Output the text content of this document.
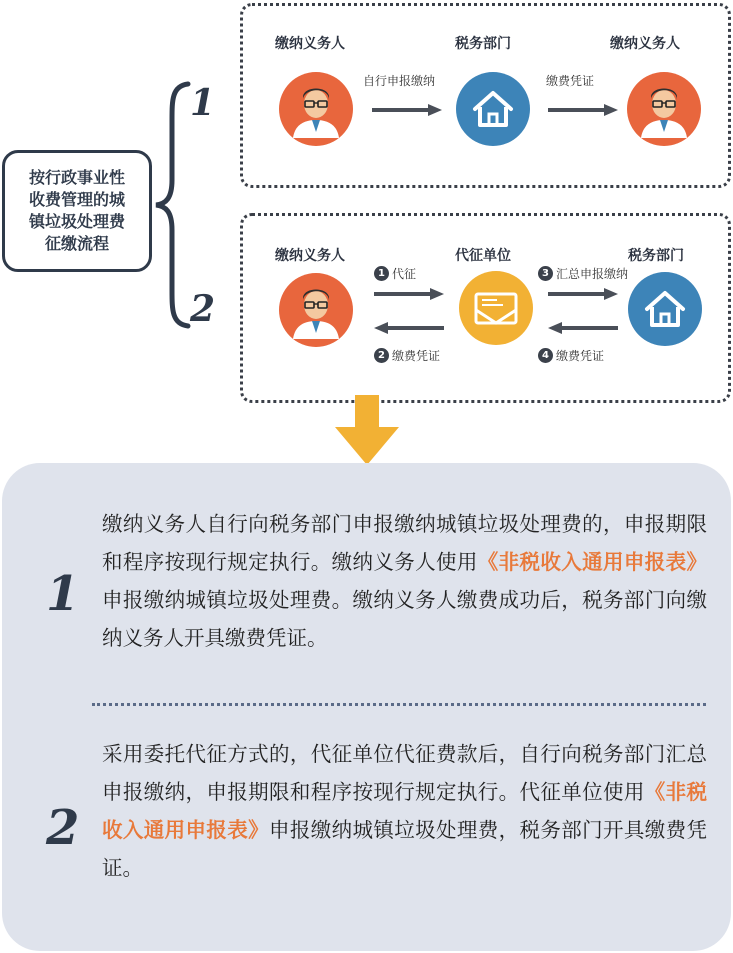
按行政事业性
收费管理的城
镇垃圾处理费
征缴流程
1
2
缴纳义务人	税务部门	缴纳义务人
自行申报缴纳	缴费凭证
缴纳义务人	代征单位	税务部门
1 代征
2 缴费凭证
3 汇总申报缴纳
4 缴费凭证
1
缴纳义务人自行向税务部门申报缴纳城镇垃圾处理费的，申报期限和程序按现行规定执行。缴纳义务人使用《非税收入通用申报表》申报缴纳城镇垃圾处理费。缴纳义务人缴费成功后，税务部门向缴纳义务人开具缴费凭证。
2
采用委托代征方式的，代征单位代征费款后，自行向税务部门汇总申报缴纳，申报期限和程序按现行规定执行。代征单位使用《非税收入通用申报表》申报缴纳城镇垃圾处理费，税务部门开具缴费凭证。
